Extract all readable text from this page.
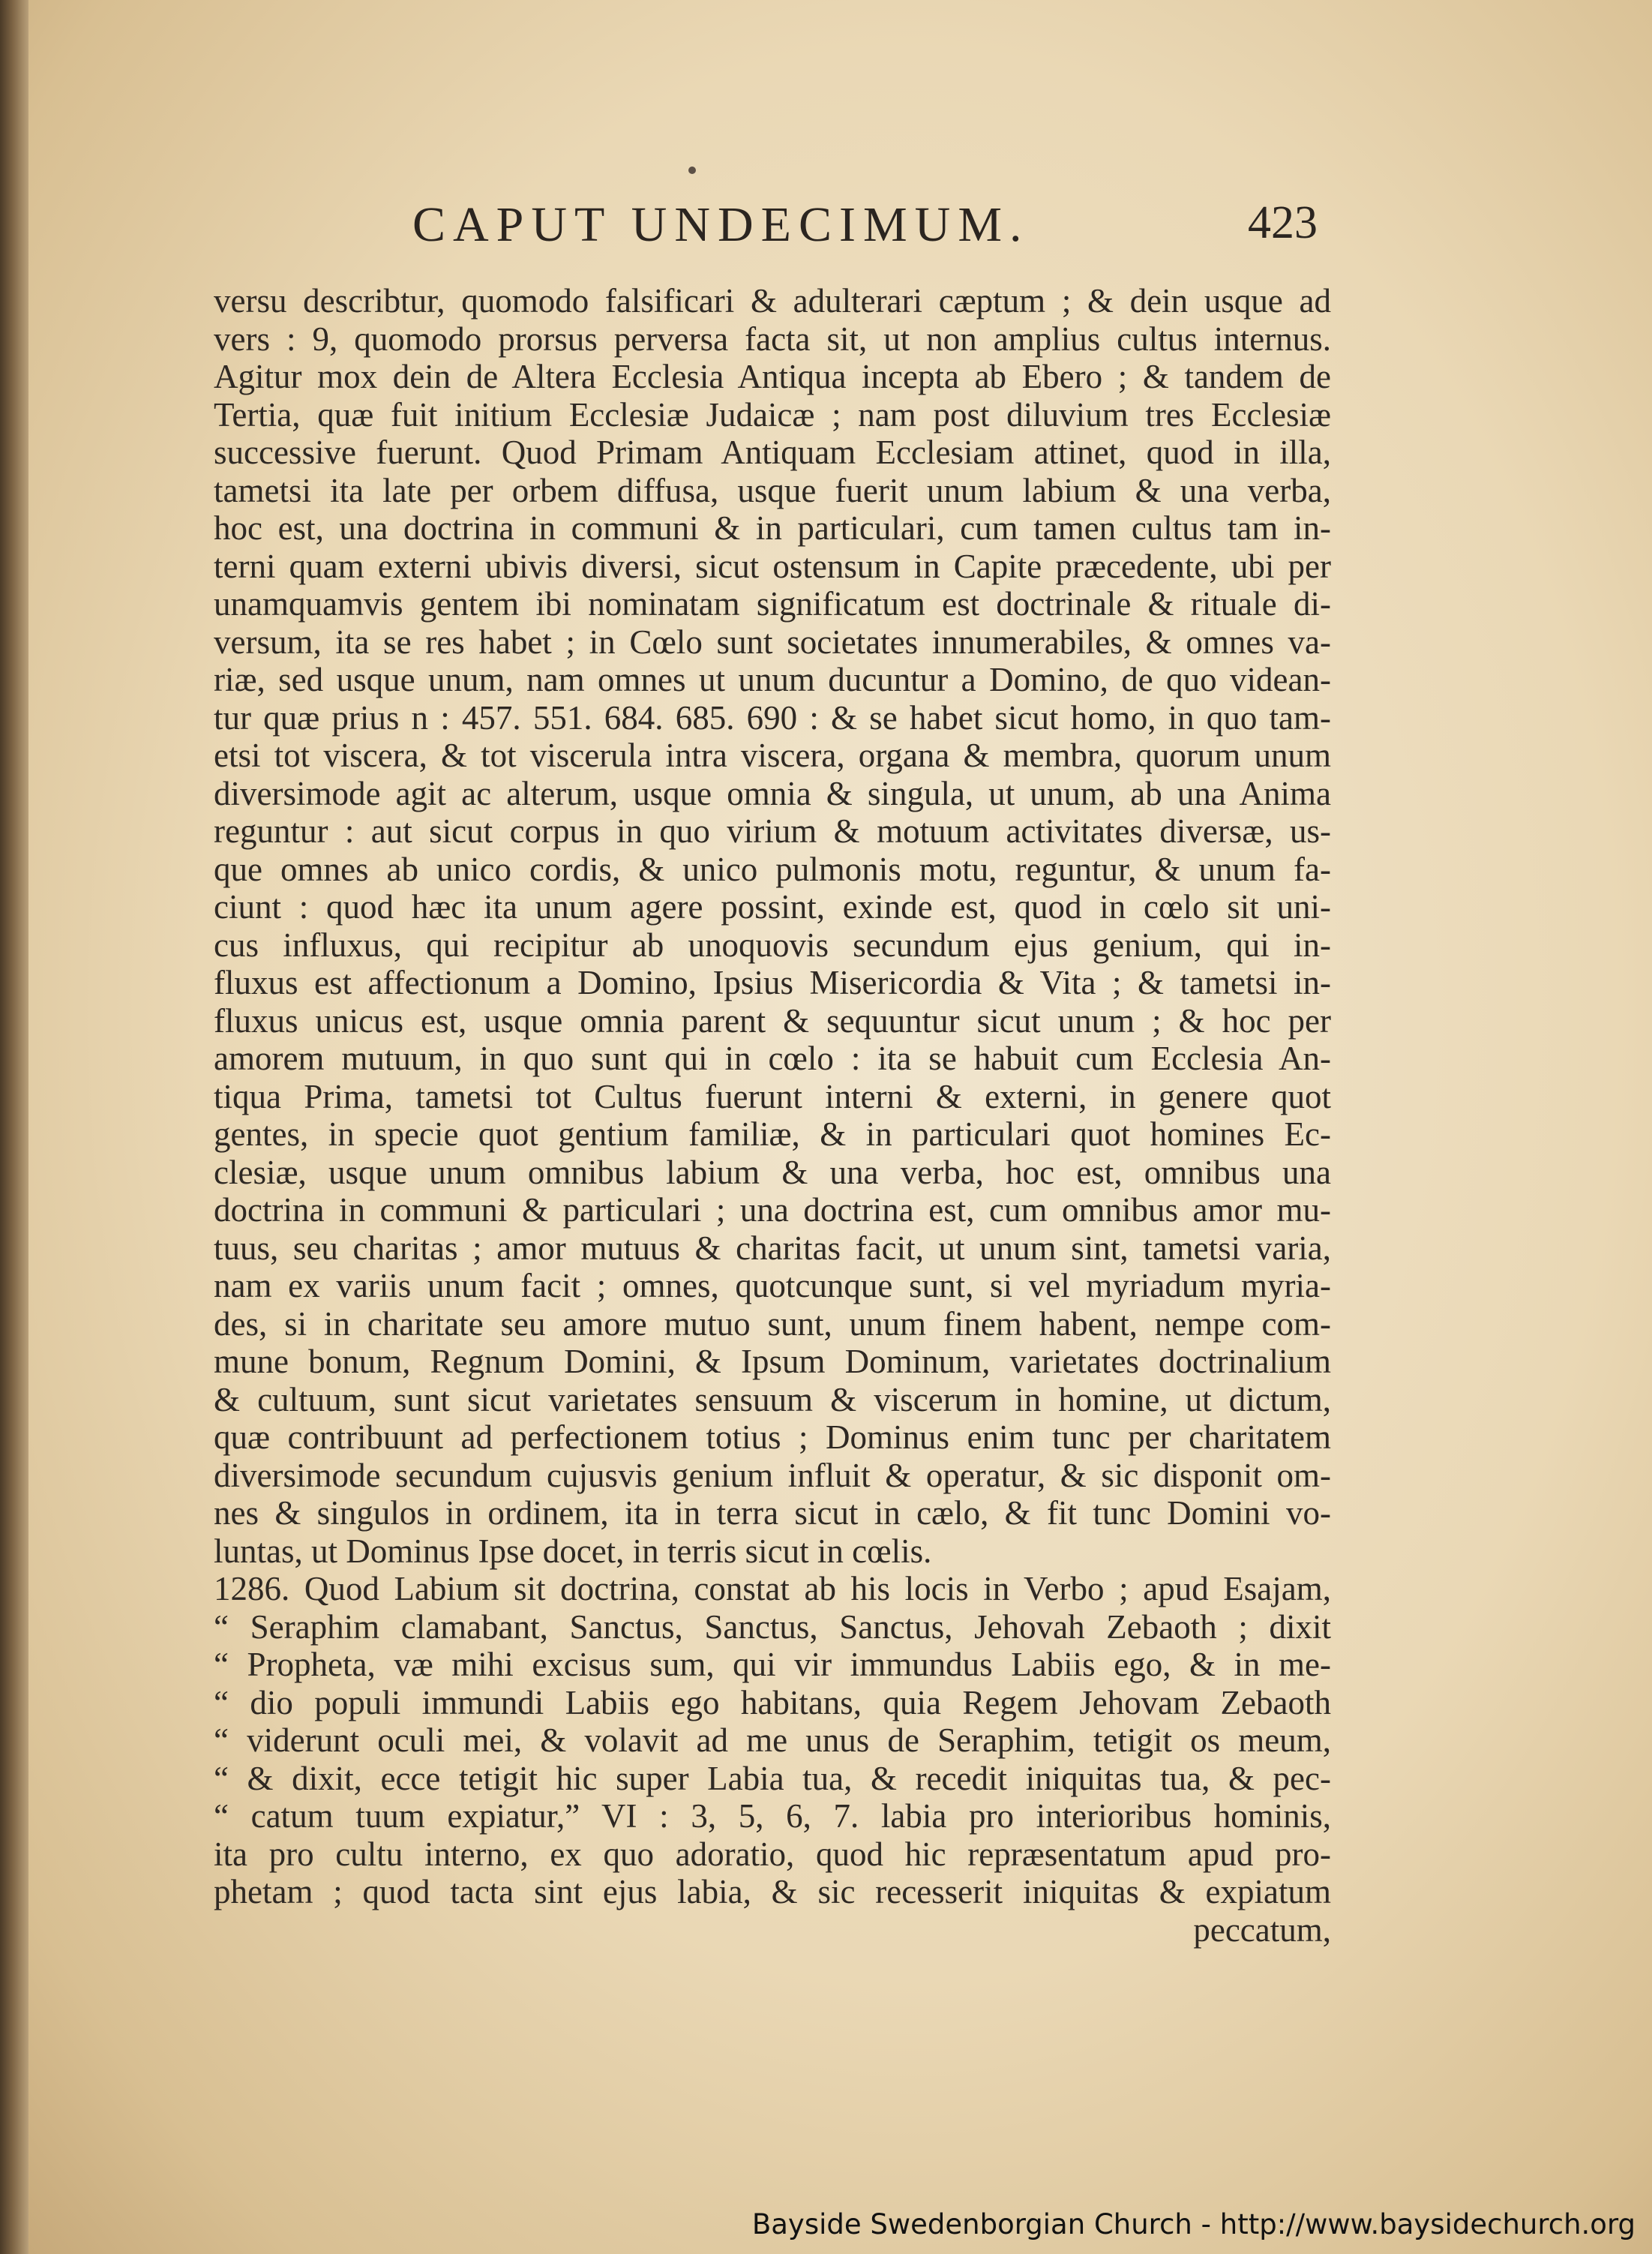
CAPUT UNDECIMUM.	423
versu describtur, quomodo falsificari & adulterari cæptum ; & dein usque ad
vers : 9, quomodo prorsus perversa facta sit, ut non amplius cultus internus.
Agitur mox dein de Altera Ecclesia Antiqua incepta ab Ebero ; & tandem de
Tertia, quæ fuit initium Ecclesiæ Judaicæ ; nam post diluvium tres Ecclesiæ
successive fuerunt. Quod Primam Antiquam Ecclesiam attinet, quod in illa,
tametsi ita late per orbem diffusa, usque fuerit unum labium & una verba,
hoc est, una doctrina in communi & in particulari, cum tamen cultus tam in-
terni quam externi ubivis diversi, sicut ostensum in Capite præcedente, ubi per
unamquamvis gentem ibi nominatam significatum est doctrinale & rituale di-
versum, ita se res habet ; in Cœlo sunt societates innumerabiles, & omnes va-
riæ, sed usque unum, nam omnes ut unum ducuntur a Domino, de quo videan-
tur quæ prius n : 457. 551. 684. 685. 690 : & se habet sicut homo, in quo tam-
etsi tot viscera, & tot viscerula intra viscera, organa & membra, quorum unum
diversimode agit ac alterum, usque omnia & singula, ut unum, ab una Anima
reguntur : aut sicut corpus in quo virium & motuum activitates diversæ, us-
que omnes ab unico cordis, & unico pulmonis motu, reguntur, & unum fa-
ciunt : quod hæc ita unum agere possint, exinde est, quod in cœlo sit uni-
cus influxus, qui recipitur ab unoquovis secundum ejus genium, qui in-
fluxus est affectionum a Domino, Ipsius Misericordia & Vita ; & tametsi in-
fluxus unicus est, usque omnia parent & sequuntur sicut unum ; & hoc per
amorem mutuum, in quo sunt qui in cœlo : ita se habuit cum Ecclesia An-
tiqua Prima, tametsi tot Cultus fuerunt interni & externi, in genere quot
gentes, in specie quot gentium familiæ, & in particulari quot homines Ec-
clesiæ, usque unum omnibus labium & una verba, hoc est, omnibus una
doctrina in communi & particulari ; una doctrina est, cum omnibus amor mu-
tuus, seu charitas ; amor mutuus & charitas facit, ut unum sint, tametsi varia,
nam ex variis unum facit ; omnes, quotcunque sunt, si vel myriadum myria-
des, si in charitate seu amore mutuo sunt, unum finem habent, nempe com-
mune bonum, Regnum Domini, & Ipsum Dominum, varietates doctrinalium
& cultuum, sunt sicut varietates sensuum & viscerum in homine, ut dictum,
quæ contribuunt ad perfectionem totius ; Dominus enim tunc per charitatem
diversimode secundum cujusvis genium influit & operatur, & sic disponit om-
nes & singulos in ordinem, ita in terra sicut in cælo, & fit tunc Domini vo-
luntas, ut Dominus Ipse docet, in terris sicut in cœlis.
1286. Quod Labium sit doctrina, constat ab his locis in Verbo ; apud Esajam,
“ Seraphim clamabant, Sanctus, Sanctus, Sanctus, Jehovah Zebaoth ; dixit
“ Propheta, væ mihi excisus sum, qui vir immundus Labiis ego, & in me-
“ dio populi immundi Labiis ego habitans, quia Regem Jehovam Zebaoth
“ viderunt oculi mei, & volavit ad me unus de Seraphim, tetigit os meum,
“ & dixit, ecce tetigit hic super Labia tua, & recedit iniquitas tua, & pec-
“ catum tuum expiatur,” VI : 3, 5, 6, 7. labia pro interioribus hominis,
ita pro cultu interno, ex quo adoratio, quod hic repræsentatum apud pro-
phetam ; quod tacta sint ejus labia, & sic recesserit iniquitas & expiatum
peccatum,
Bayside Swedenborgian Church - http://www.baysidechurch.org
